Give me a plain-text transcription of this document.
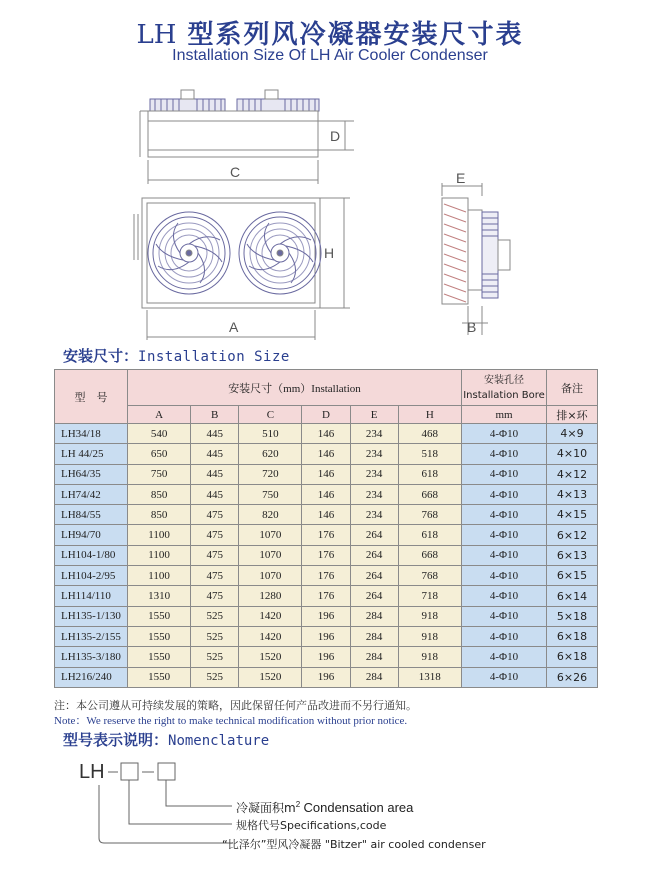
LH 型系列风冷凝器安装尺寸表
Installation Size Of LH Air Cooler Condenser
C
D
E
H
A	B
安装尺寸：Installation Size
型　号	安装尺寸（mm）Installation						安装孔径
Installation Bore	备注
	A	B	C	D	E	H	mm	排×环
LH34/18	540	445	510	146	234	468	4-Φ10	4×9
LH 44/25	650	445	620	146	234	518	4-Φ10	4×10
LH64/35	750	445	720	146	234	618	4-Φ10	4×12
LH74/42	850	445	750	146	234	668	4-Φ10	4×13
LH84/55	850	475	820	146	234	768	4-Φ10	4×15
LH94/70	1100	475	1070	176	264	618	4-Φ10	6×12
LH104-1/80	1100	475	1070	176	264	668	4-Φ10	6×13
LH104-2/95	1100	475	1070	176	264	768	4-Φ10	6×15
LH114/110	1310	475	1280	176	264	718	4-Φ10	6×14
LH135-1/130	1550	525	1420	196	284	918	4-Φ10	5×18
LH135-2/155	1550	525	1420	196	284	918	4-Φ10	6×18
LH135-3/180	1550	525	1520	196	284	918	4-Φ10	6×18
LH216/240	1550	525	1520	196	284	1318	4-Φ10	6×26
注：本公司遵从可持续发展的策略，因此保留任何产品改进而不另行通知。
Note：We reserve the right to make technical modification without prior notice.
型号表示说明：Nomenclature
LH
冷凝面积$m^2$ Condensation area
规格代号Specifications,code
“比泽尔”型风冷凝器 "Bitzer" air cooled condenser
